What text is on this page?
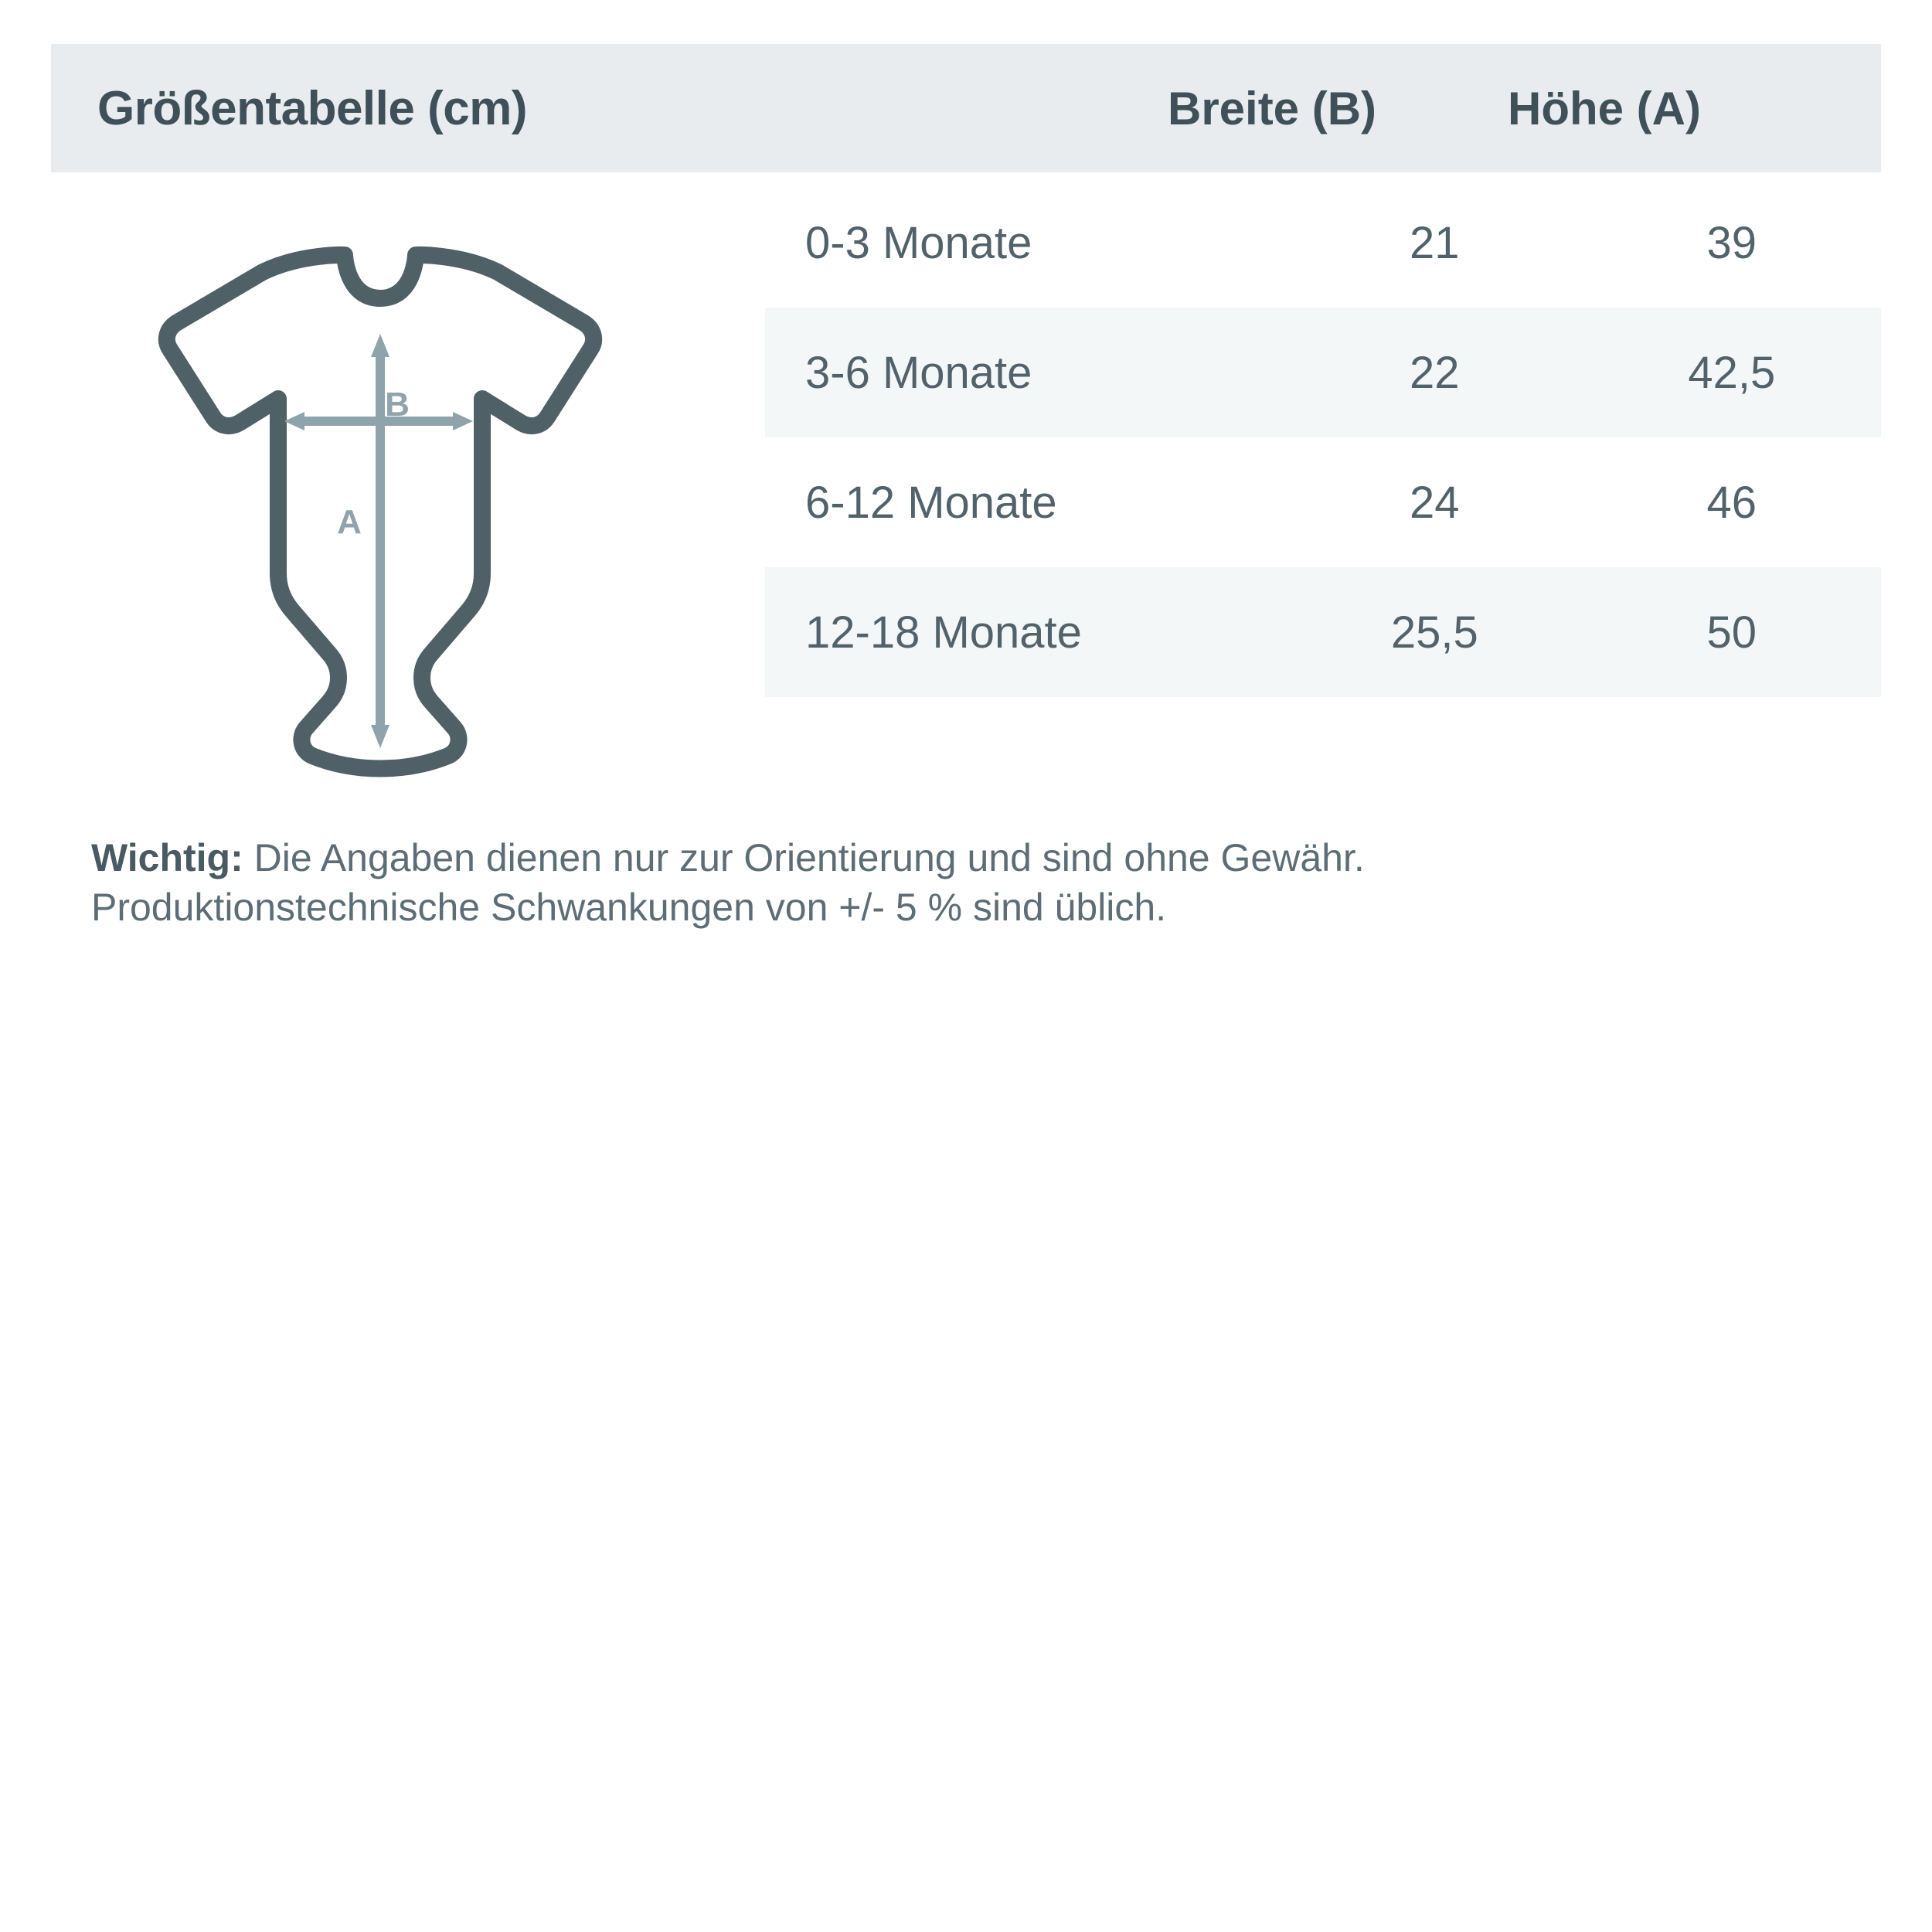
Größentabelle (cm)	Breite (B)	Höhe (A)
B
A
0-3 Monate	21	39
3-6 Monate	22	42,5
6-12 Monate	24	46
12-18 Monate	25,5	50
Wichtig: Die Angaben dienen nur zur Orientierung und sind ohne Gewähr.
Produktionstechnische Schwankungen von +/- 5 % sind üblich.
